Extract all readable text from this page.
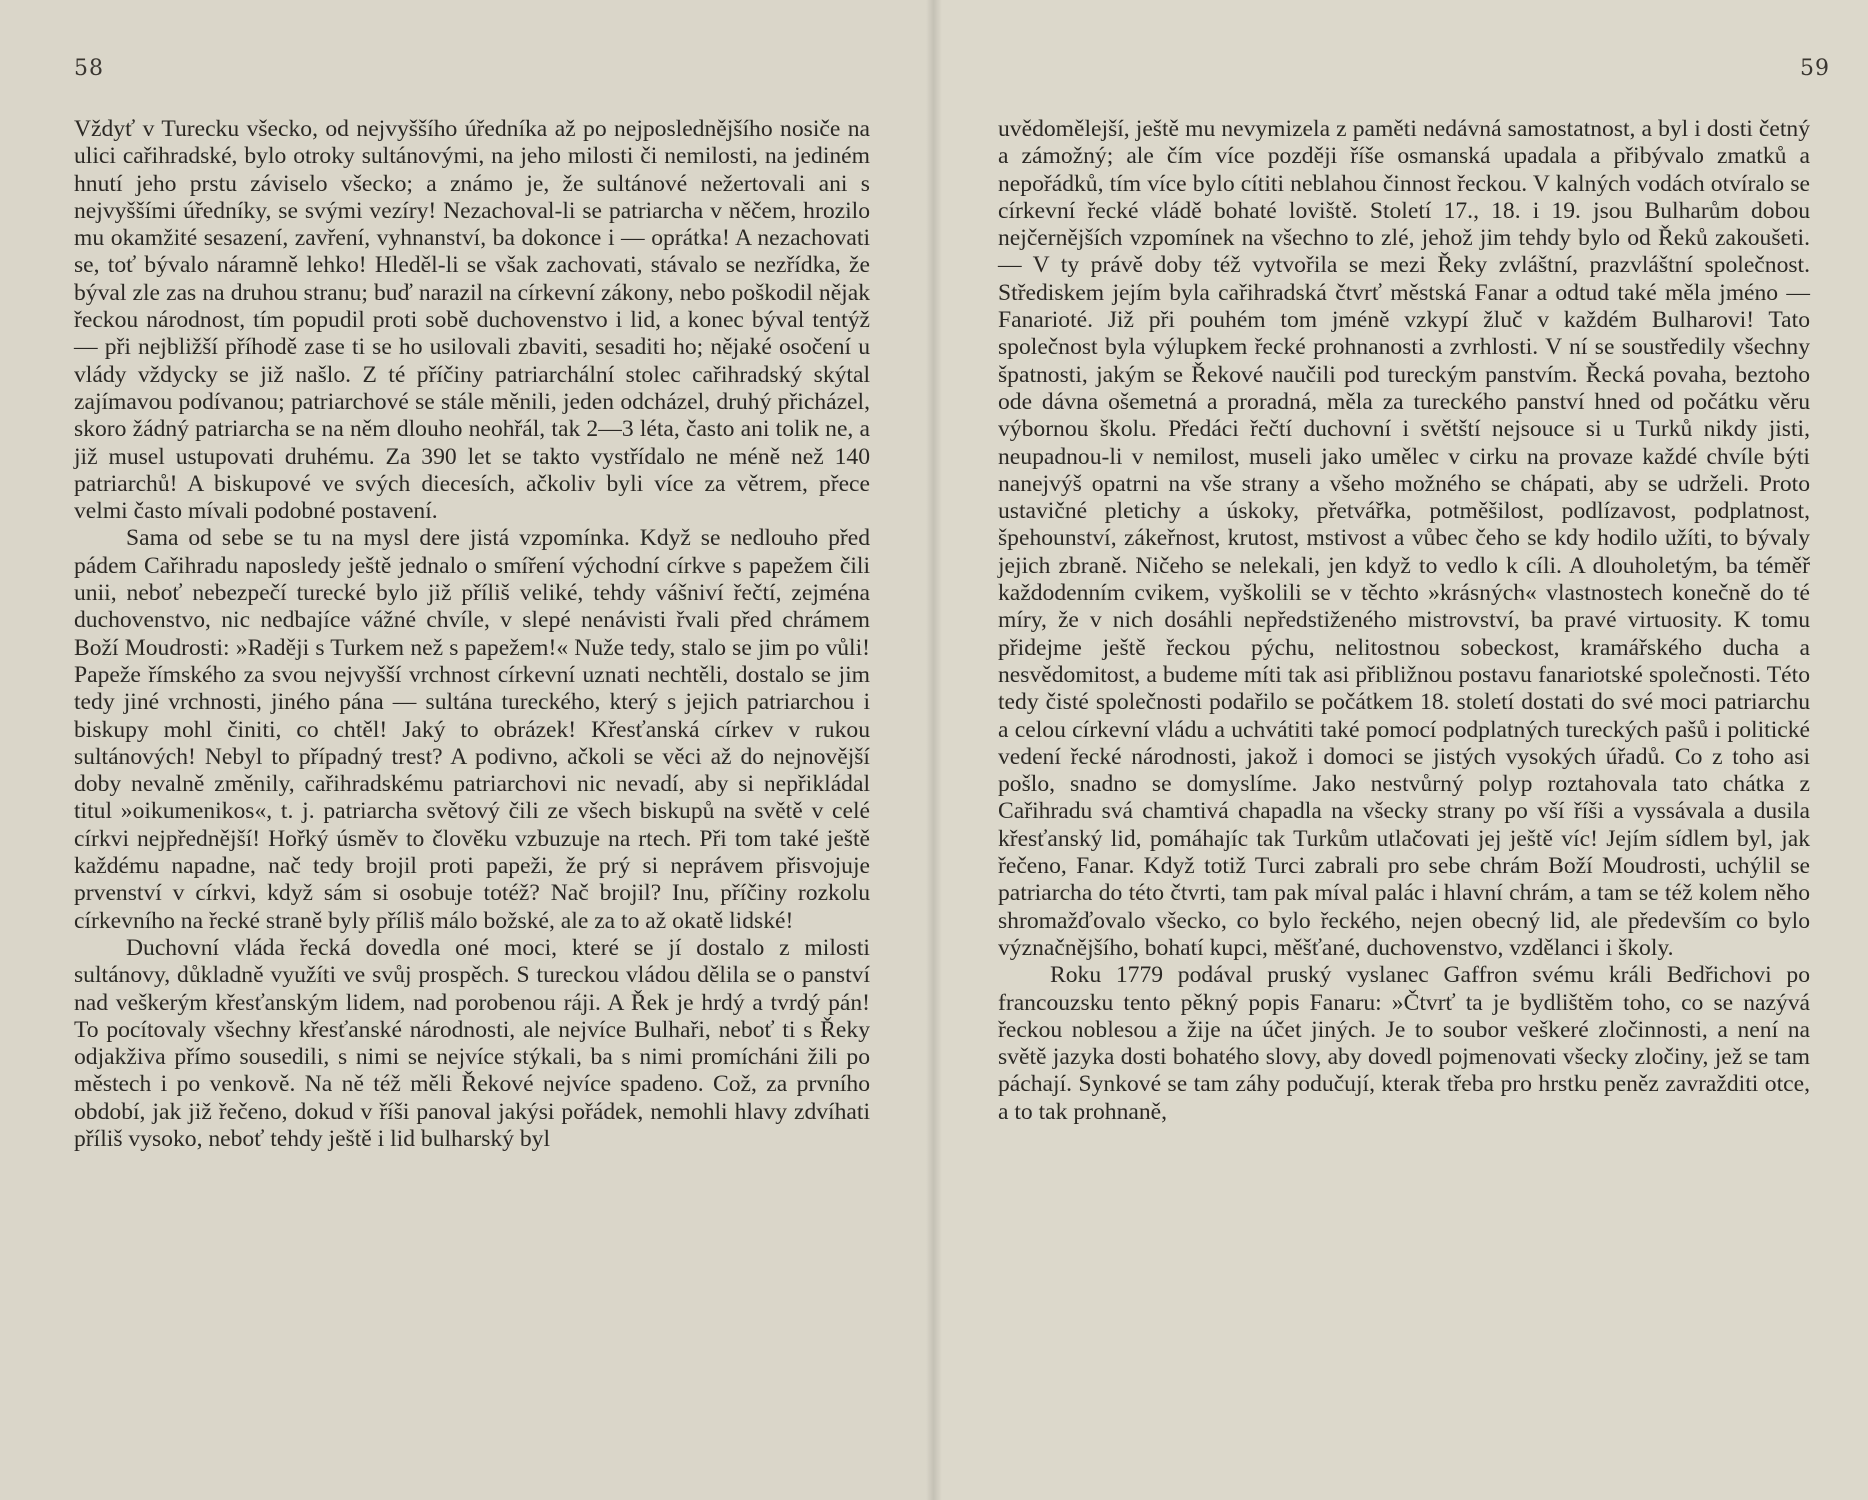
58

Vždyť v Turecku všecko, od nejvyššího úředníka až po nejposlednějšího nosiče na ulici cařihradské, bylo otroky sultánovými, na jeho milosti či nemilosti, na jediném hnutí jeho prstu záviselo všecko; a známo je, že sultánové nežertovali ani s nejvyššími úředníky, se svými vezíry! Nezachoval-li se patriarcha v něčem, hrozilo mu okamžité sesazení, zavření, vyhnanství, ba dokonce i — oprátka! A nezachovati se, toť bývalo náramně lehko! Hleděl-li se však zachovati, stávalo se nezřídka, že býval zle zas na druhou stranu; buď narazil na církevní zákony, nebo poškodil nějak řeckou národnost, tím popudil proti sobě duchovenstvo i lid, a konec býval tentýž — při nejbližší příhodě zase ti se ho usilovali zbaviti, sesaditi ho; nějaké osočení u vlády vždycky se již našlo. Z té příčiny patriarchální stolec cařihradský skýtal zajímavou podívanou; patriarchové se stále měnili, jeden odcházel, druhý přicházel, skoro žádný patriarcha se na něm dlouho neohřál, tak 2—3 léta, často ani tolik ne, a již musel ustupovati druhému. Za 390 let se takto vystřídalo ne méně než 140 patriarchů! A biskupové ve svých diecesích, ačkoliv byli více za větrem, přece velmi často mívali podobné postavení.

Sama od sebe se tu na mysl dere jistá vzpomínka. Když se nedlouho před pádem Cařihradu naposledy ještě jednalo o smíření východní církve s papežem čili unii, neboť nebezpečí turecké bylo již příliš veliké, tehdy vášniví řečtí, zejména duchovenstvo, nic nedbajíce vážné chvíle, v slepé nenávisti řvali před chrámem Boží Moudrosti: »Raději s Turkem než s papežem!« Nuže tedy, stalo se jim po vůli! Papeže římského za svou nejvyšší vrchnost církevní uznati nechtěli, dostalo se jim tedy jiné vrchnosti, jiného pána — sultána tureckého, který s jejich patriarchou i biskupy mohl činiti, co chtěl! Jaký to obrázek! Křesťanská církev v rukou sultánových! Nebyl to případný trest? A podivno, ačkoli se věci až do nejnovější doby nevalně změnily, cařihradskému patriarchovi nic nevadí, aby si nepřikládal titul »oikumenikos«, t. j. patriarcha světový čili ze všech biskupů na světě v celé církvi nejpřednější! Hořký úsměv to člověku vzbuzuje na rtech. Při tom také ještě každému napadne, nač tedy brojil proti papeži, že prý si neprávem přisvojuje prvenství v církvi, když sám si osobuje totéž? Nač brojil? Inu, příčiny rozkolu církevního na řecké straně byly příliš málo božské, ale za to až okatě lidské!

Duchovní vláda řecká dovedla oné moci, které se jí dostalo z milosti sultánovy, důkladně využíti ve svůj prospěch. S tureckou vládou dělila se o panství nad veškerým křesťanským lidem, nad porobenou ráji. A Řek je hrdý a tvrdý pán! To pocítovaly všechny křesťanské národnosti, ale nejvíce Bulhaři, neboť ti s Řeky odjakživa přímo sousedili, s nimi se nejvíce stýkali, ba s nimi promícháni žili po městech i po venkově. Na ně též měli Řekové nejvíce spadeno. Což, za prvního období, jak již řečeno, dokud v říši panoval jakýsi pořádek, nemohli hlavy zdvíhati příliš vysoko, neboť tehdy ještě i lid bulharský byl

59

uvědomělejší, ještě mu nevymizela z paměti nedávná samostatnost, a byl i dosti četný a zámožný; ale čím více později říše osmanská upadala a přibývalo zmatků a nepořádků, tím více bylo cítiti neblahou činnost řeckou. V kalných vodách otvíralo se církevní řecké vládě bohaté loviště. Století 17., 18. i 19. jsou Bulharům dobou nejčernějších vzpomínek na všechno to zlé, jehož jim tehdy bylo od Řeků zakoušeti. — V ty právě doby též vytvořila se mezi Řeky zvláštní, prazvláštní společnost. Střediskem jejím byla cařihradská čtvrť městská Fanar a odtud také měla jméno — Fanarioté. Již při pouhém tom jméně vzkypí žluč v každém Bulharovi! Tato společnost byla výlupkem řecké prohnanosti a zvrhlosti. V ní se soustředily všechny špatnosti, jakým se Řekové naučili pod tureckým panstvím. Řecká povaha, beztoho ode dávna ošemetná a proradná, měla za tureckého panství hned od počátku věru výbornou školu. Předáci řečtí duchovní i světští nejsouce si u Turků nikdy jisti, neupadnou-li v nemilost, museli jako umělec v cirku na provaze každé chvíle býti nanejvýš opatrni na vše strany a všeho možného se chápati, aby se udrželi. Proto ustavičné pletichy a úskoky, přetvářka, potměšilost, podlízavost, podplatnost, špehounství, zákeřnost, krutost, mstivost a vůbec čeho se kdy hodilo užíti, to bývaly jejich zbraně. Ničeho se nelekali, jen když to vedlo k cíli. A dlouholetým, ba téměř každodenním cvikem, vyškolili se v těchto »krásných« vlastnostech konečně do té míry, že v nich dosáhli nepředstiženého mistrovství, ba pravé virtuosity. K tomu přidejme ještě řeckou pýchu, nelitostnou sobeckost, kramářského ducha a nesvědomitost, a budeme míti tak asi přibližnou postavu fanariotské společnosti. Této tedy čisté společnosti podařilo se počátkem 18. století dostati do své moci patriarchu a celou církevní vládu a uchvátiti také pomocí podplatných tureckých pašů i politické vedení řecké národnosti, jakož i domoci se jistých vysokých úřadů. Co z toho asi pošlo, snadno se domyslíme. Jako nestvůrný polyp roztahovala tato chátka z Cařihradu svá chamtivá chapadla na všecky strany po vší říši a vyssávala a dusila křesťanský lid, pomáhajíc tak Turkům utlačovati jej ještě víc! Jejím sídlem byl, jak řečeno, Fanar. Když totiž Turci zabrali pro sebe chrám Boží Moudrosti, uchýlil se patriarcha do této čtvrti, tam pak míval palác i hlavní chrám, a tam se též kolem něho shromažďovalo všecko, co bylo řeckého, nejen obecný lid, ale především co bylo význačnějšího, bohatí kupci, měšťané, duchovenstvo, vzdělanci i školy.

Roku 1779 podával pruský vyslanec Gaffron svému králi Bedřichovi po francouzsku tento pěkný popis Fanaru: »Čtvrť ta je bydlištěm toho, co se nazývá řeckou noblesou a žije na účet jiných. Je to soubor veškeré zločinnosti, a není na světě jazyka dosti bohatého slovy, aby dovedl pojmenovati všecky zločiny, jež se tam páchají. Synkové se tam záhy podučují, kterak třeba pro hrstku peněz zavražditi otce, a to tak prohnaně,
